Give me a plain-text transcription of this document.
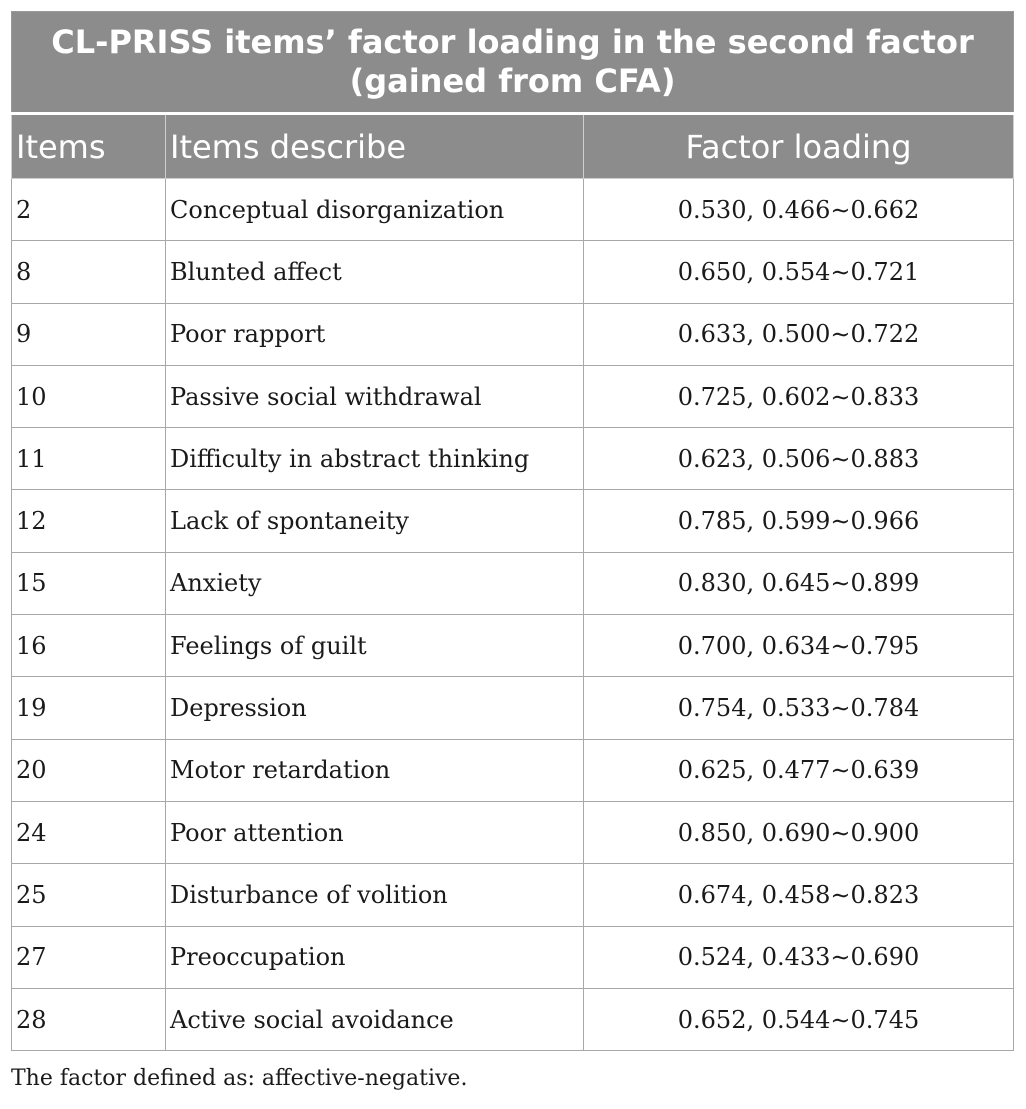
CL-PRISS items’ factor loading in the second factor (gained from CFA)		
Items	Items describe	Factor loading
2	Conceptual disorganization	0.530, 0.466∼0.662
8	Blunted affect	0.650, 0.554∼0.721
9	Poor rapport	0.633, 0.500∼0.722
10	Passive social withdrawal	0.725, 0.602∼0.833
11	Difficulty in abstract thinking	0.623, 0.506∼0.883
12	Lack of spontaneity	0.785, 0.599∼0.966
15	Anxiety	0.830, 0.645∼0.899
16	Feelings of guilt	0.700, 0.634∼0.795
19	Depression	0.754, 0.533∼0.784
20	Motor retardation	0.625, 0.477∼0.639
24	Poor attention	0.850, 0.690∼0.900
25	Disturbance of volition	0.674, 0.458∼0.823
27	Preoccupation	0.524, 0.433∼0.690
28	Active social avoidance	0.652, 0.544∼0.745
The factor defined as: affective-negative.
